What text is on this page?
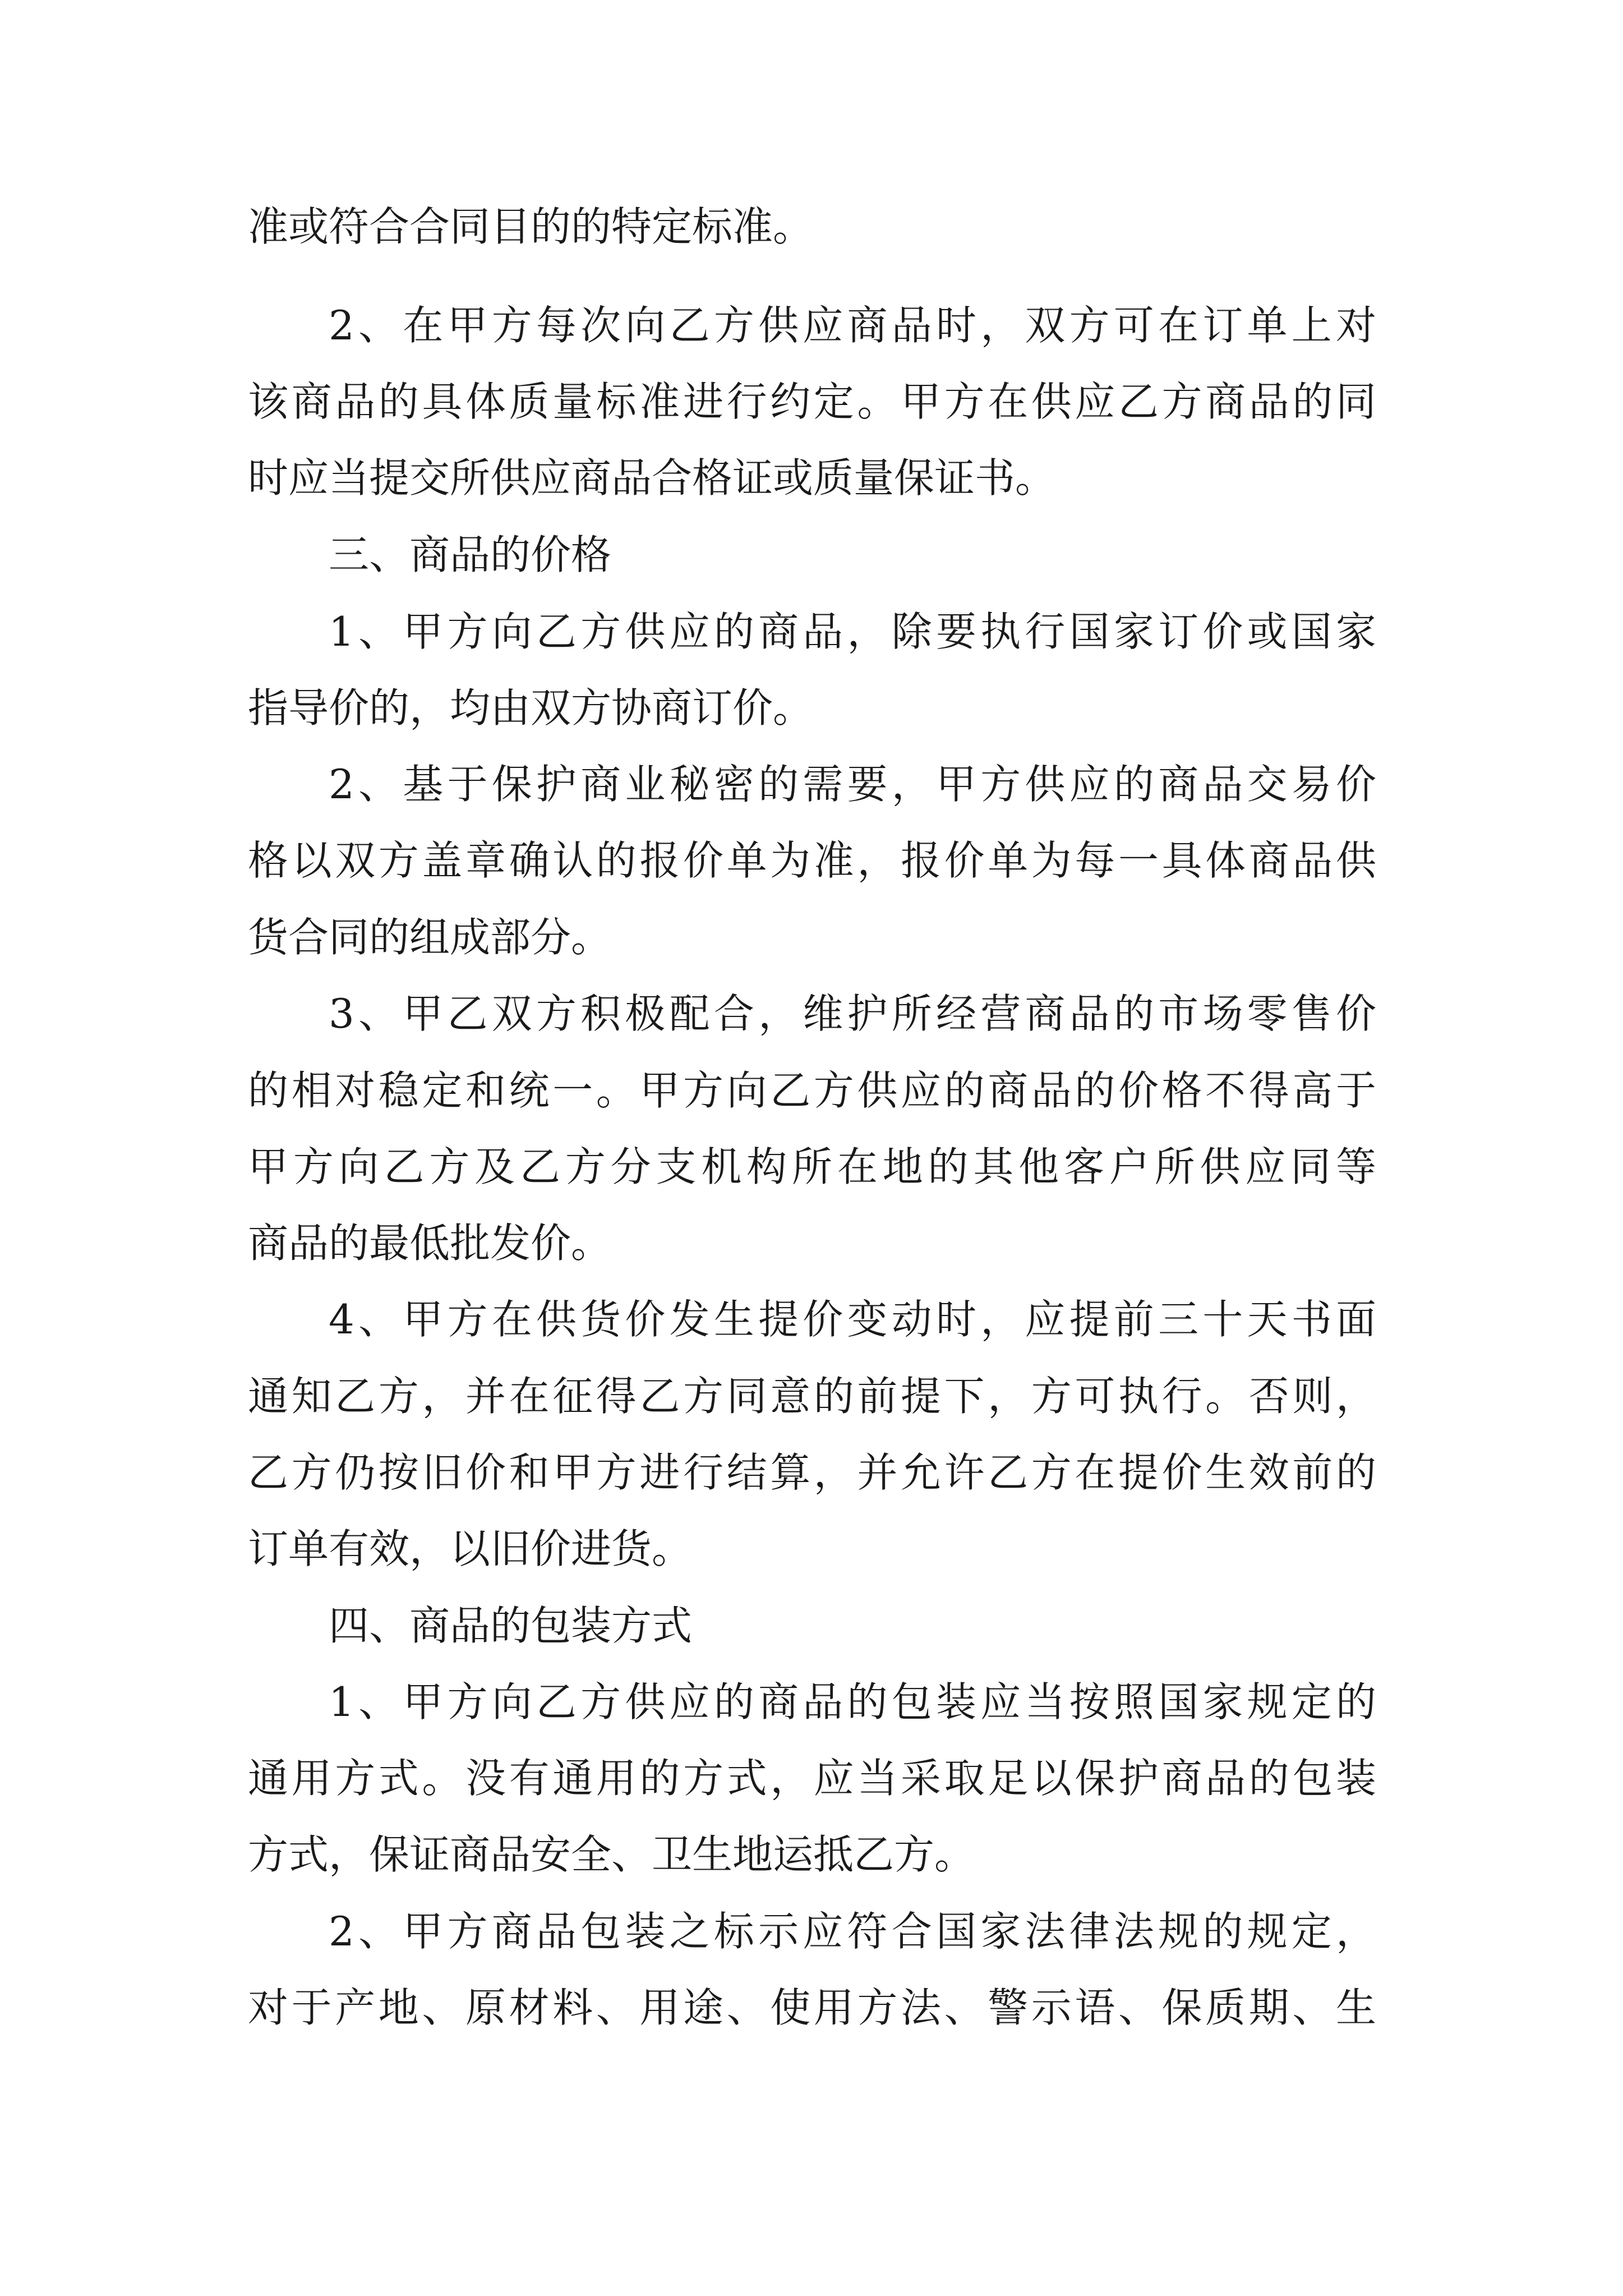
准或符合合同目的的特定标准。

2、在甲方每次向乙方供应商品时，双方可在订单上对

该商品的具体质量标准进行约定。甲方在供应乙方商品的同

时应当提交所供应商品合格证或质量保证书。

三、商品的价格

1、甲方向乙方供应的商品，除要执行国家订价或国家

指导价的，均由双方协商订价。

2、基于保护商业秘密的需要，甲方供应的商品交易价

格以双方盖章确认的报价单为准，报价单为每一具体商品供

货合同的组成部分。

3、甲乙双方积极配合，维护所经营商品的市场零售价

的相对稳定和统一。甲方向乙方供应的商品的价格不得高于

甲方向乙方及乙方分支机构所在地的其他客户所供应同等

商品的最低批发价。

4、甲方在供货价发生提价变动时，应提前三十天书面

通知乙方，并在征得乙方同意的前提下，方可执行。否则，

乙方仍按旧价和甲方进行结算，并允许乙方在提价生效前的

订单有效，以旧价进货。

四、商品的包装方式

1、甲方向乙方供应的商品的包装应当按照国家规定的

通用方式。没有通用的方式，应当采取足以保护商品的包装

方式，保证商品安全、卫生地运抵乙方。

2、甲方商品包装之标示应符合国家法律法规的规定，

对于产地、原材料、用途、使用方法、警示语、保质期、生
